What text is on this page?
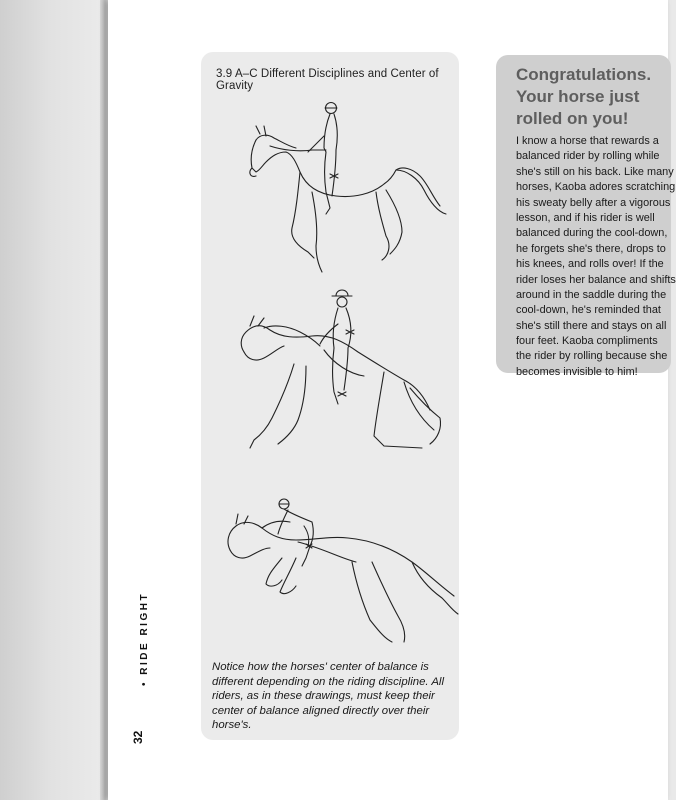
3.9 A–C Different Disciplines and Center of Gravity
Notice how the horses' center of balance is different depending on the riding discipline. All riders, as in these drawings, must keep their center of balance aligned directly over their horse's.
Congratulations.
Your horse just
rolled on you!
I know a horse that rewards a
balanced rider by rolling while
she's still on his back. Like many
horses, Kaoba adores scratching
his sweaty belly after a vigorous
lesson, and if his rider is well
balanced during the cool-down,
he forgets she's there, drops to
his knees, and rolls over! If the
rider loses her balance and shifts
around in the saddle during the
cool-down, he's reminded that
she's still there and stays on all
four feet. Kaoba compliments
the rider by rolling because she
becomes invisible to him!
• RIDE RIGHT
32
